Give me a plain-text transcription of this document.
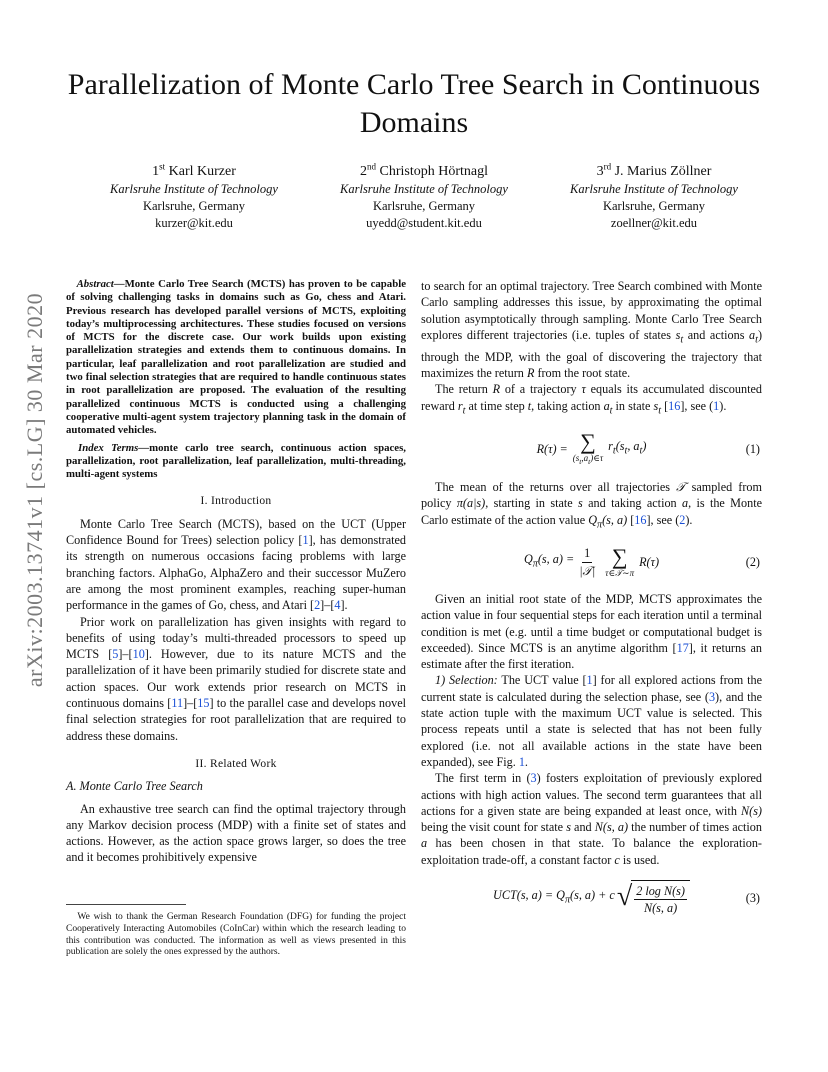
arXiv:2003.13741v1 [cs.LG] 30 Mar 2020
Parallelization of Monte Carlo Tree Search in Continuous Domains
1st Karl Kurzer
Karlsruhe Institute of Technology
Karlsruhe, Germany
kurzer@kit.edu
2nd Christoph Hörtnagl
Karlsruhe Institute of Technology
Karlsruhe, Germany
uyedd@student.kit.edu
3rd J. Marius Zöllner
Karlsruhe Institute of Technology
Karlsruhe, Germany
zoellner@kit.edu

Abstract—Monte Carlo Tree Search (MCTS) has proven to be capable of solving challenging tasks in domains such as Go, chess and Atari. Previous research has developed parallel versions of MCTS, exploiting today’s multiprocessing architectures. These studies focused on versions of MCTS for the discrete case. Our work builds upon existing parallelization strategies and extends them to continuous domains. In particular, leaf parallelization and root parallelization are studied and two final selection strategies that are required to handle continuous states in root parallelization are proposed. The evaluation of the resulting parallelized continuous MCTS is conducted using a challenging cooperative multi-agent system trajectory planning task in the domain of automated vehicles.

Index Terms—monte carlo tree search, continuous action spaces, parallelization, root parallelization, leaf parallelization, multi-threading, multi-agent systems

I. Introduction

Monte Carlo Tree Search (MCTS), based on the UCT (Upper Confidence Bound for Trees) selection policy [1], has demonstrated its strength on numerous occasions facing problems with large branching factors. AlphaGo, AlphaZero and their successor MuZero are among the most prominent examples, reaching super-human performance in the games of Go, chess, and Atari [2]–[4].

Prior work on parallelization has given insights with regard to benefits of using today’s multi-threaded processors to speed up MCTS [5]–[10]. However, due to its nature MCTS and the parallelization of it have been primarily studied for discrete state and action spaces. Our work extends prior research on MCTS in continuous domains [11]–[15] to the parallel case and develops novel final selection strategies for root parallelization that are required to address these domains.

II. Related Work
A. Monte Carlo Tree Search

An exhaustive tree search can find the optimal trajectory through any Markov decision process (MDP) with a finite set of states and actions. However, as the action space grows larger, so does the tree and it becomes prohibitively expensive

We wish to thank the German Research Foundation (DFG) for funding the project Cooperatively Interacting Automobiles (CoInCar) within which the research leading to this contribution was conducted. The information as well as views presented in this publication are solely the ones expressed by the authors.

to search for an optimal trajectory. Tree Search combined with Monte Carlo sampling addresses this issue, by approximating the optimal solution asymptotically through sampling. Monte Carlo Tree Search explores different trajectories (i.e. tuples of states $s_t$ and actions $a_t$) through the MDP, with the goal of discovering the trajectory that maximizes the return R from the root state.

The return R of a trajectory τ equals its accumulated discounted reward $r_t$ at time step t, taking action $a_t$ in state $s_t$ [16], see (1).

R(τ) = ∑
$(s_t,a_t)\in\tau$
$r_t(s_t$, $a_t$)	(1)

The mean of the returns over all trajectories 𝒯 sampled from policy π(a|s), starting in state s and taking action a, is the Monte Carlo estimate of the action value $Q_\pi(s$, a) [16], see (2).

$Q_\pi(s$, $a) = \frac{1}{\text{|𝒯|}}$ ∑
τ∈𝒯∼π
R(τ)	(2)

Given an initial root state of the MDP, MCTS approximates the action value in four sequential steps for each iteration until a terminal condition is met (e.g. until a time budget or computational budget is exceeded). Since MCTS is an anytime algorithm [17], it returns an estimate after the first iteration.

1) Selection: The UCT value [1] for all explored actions from the current state is calculated during the selection phase, see (3), and the state action tuple with the maximum UCT value is selected. This process repeats until a state is selected that has not been fully explored (i.e. not all available actions in the state have been expanded), see Fig. 1.

The first term in (3) fosters exploitation of previously explored actions with high action values. The second term guarantees that all actions for a given state are being expanded at least once, with N(s) being the visit count for state s and N(s, a) the number of times action a has been chosen in that state. To balance the exploration-exploitation trade-off, a constant factor c is used.

UCT(s, $a) = Q_\pi(s$, a) + c √ $\frac{\text{2 log N(s)}}{N(s, a)}$	(3)
